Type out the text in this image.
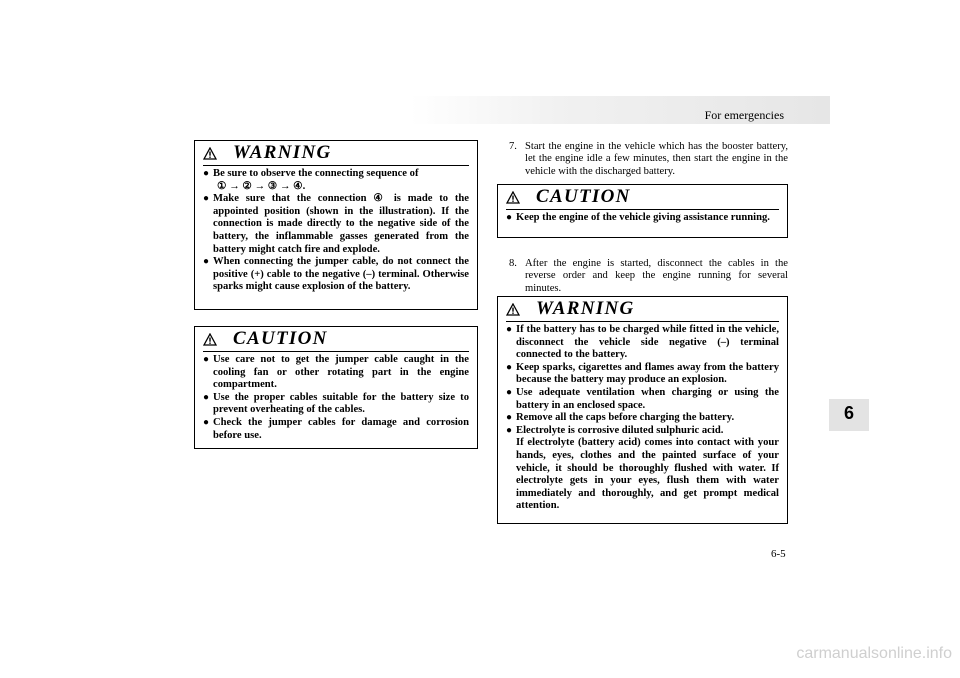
For emergencies
6
WARNING
● Be sure to observe the connecting sequence of
① → ② → ③ → ④.
● Make sure that the connection ④ is made to the appointed position (shown in the illustration). If the connection is made directly to the negative side of the battery, the inflammable gasses generated from the battery might catch fire and explode.
● When connecting the jumper cable, do not connect the positive (+) cable to the negative (–) terminal. Otherwise sparks might cause explosion of the battery.
CAUTION
● Use care not to get the jumper cable caught in the cooling fan or other rotating part in the engine compartment.
● Use the proper cables suitable for the battery size to prevent overheating of the cables.
● Check the jumper cables for damage and corrosion before use.
7. Start the engine in the vehicle which has the booster battery, let the engine idle a few minutes, then start the engine in the vehicle with the discharged battery.
CAUTION
● Keep the engine of the vehicle giving assistance running.
8. After the engine is started, disconnect the cables in the reverse order and keep the engine running for several minutes.
WARNING
● If the battery has to be charged while fitted in the vehicle, disconnect the vehicle side negative (–) terminal connected to the battery.
● Keep sparks, cigarettes and flames away from the battery because the battery may produce an explosion.
● Use adequate ventilation when charging or using the battery in an enclosed space.
● Remove all the caps before charging the battery.
● Electrolyte is corrosive diluted sulphuric acid.
If electrolyte (battery acid) comes into contact with your hands, eyes, clothes and the painted surface of your vehicle, it should be thoroughly flushed with water. If electrolyte gets in your eyes, flush them with water immediately and thoroughly, and get prompt medical attention.
6-5
carmanualsonline.info
